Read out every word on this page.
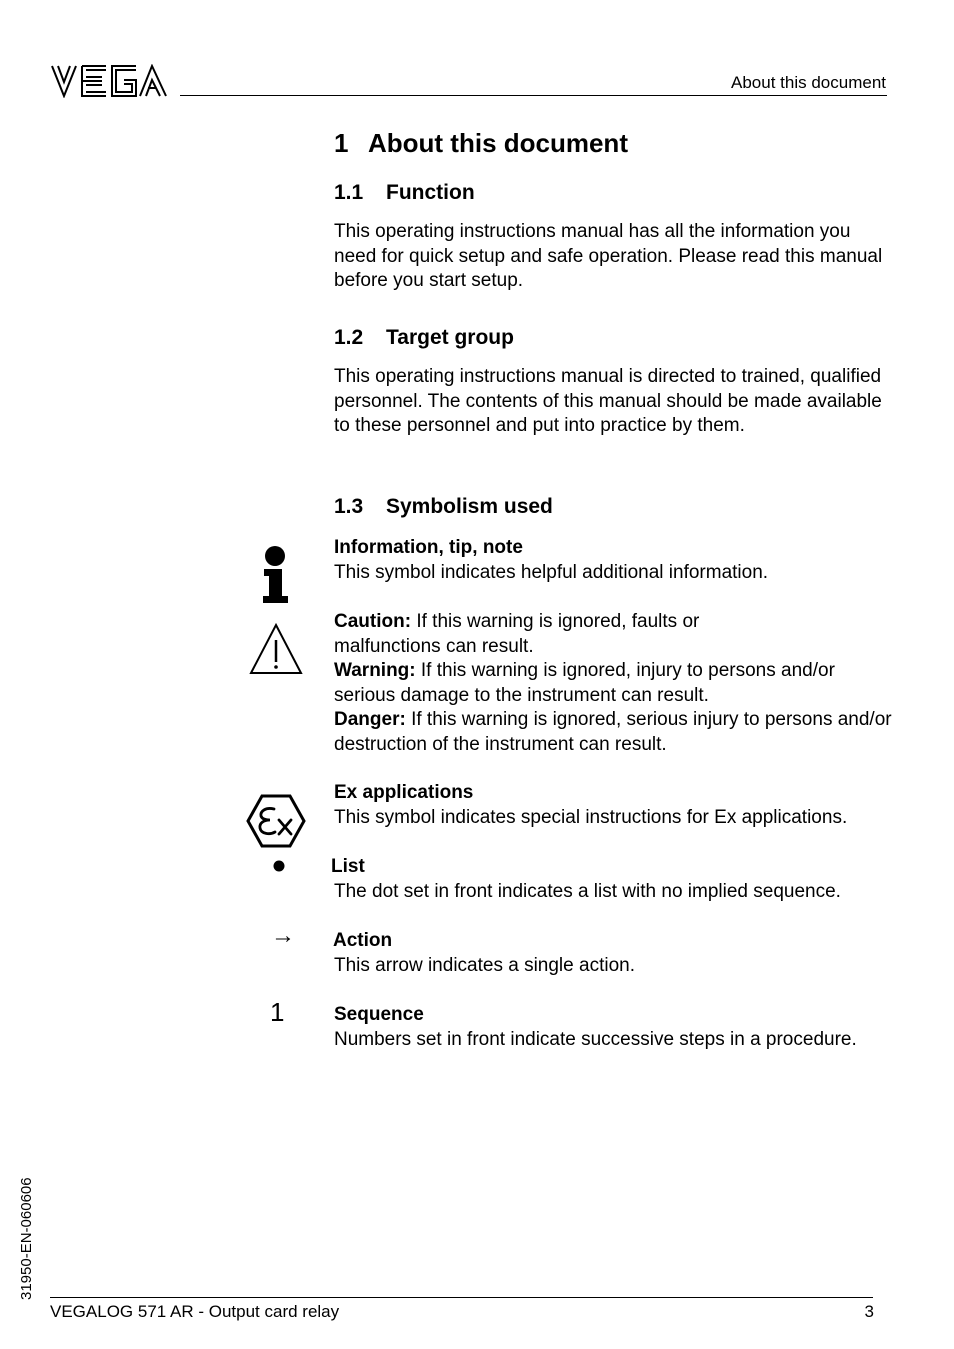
About this document
1 About this document
1.1 Function
This operating instructions manual has all the information you need for quick setup and safe operation. Please read this manual before you start setup.
1.2 Target group
This operating instructions manual is directed to trained, qualified personnel. The contents of this manual should be made available to these personnel and put into practice by them.
1.3 Symbolism used
Information, tip, note
This symbol indicates helpful additional information.
Caution: If this warning is ignored, faults or
malfunctions can result.
Warning: If this warning is ignored, injury to persons and/or serious damage to the instrument can result.
Danger: If this warning is ignored, serious injury to persons and/or destruction of the instrument can result.
Ex applications
This symbol indicates special instructions for Ex applications.
List
The dot set in front indicates a list with no implied sequence.
→ Action
This arrow indicates a single action.
1	Sequence
Numbers set in front indicate successive steps in a procedure.
31950-EN-060606
VEGALOG 571 AR - Output card relay	3
